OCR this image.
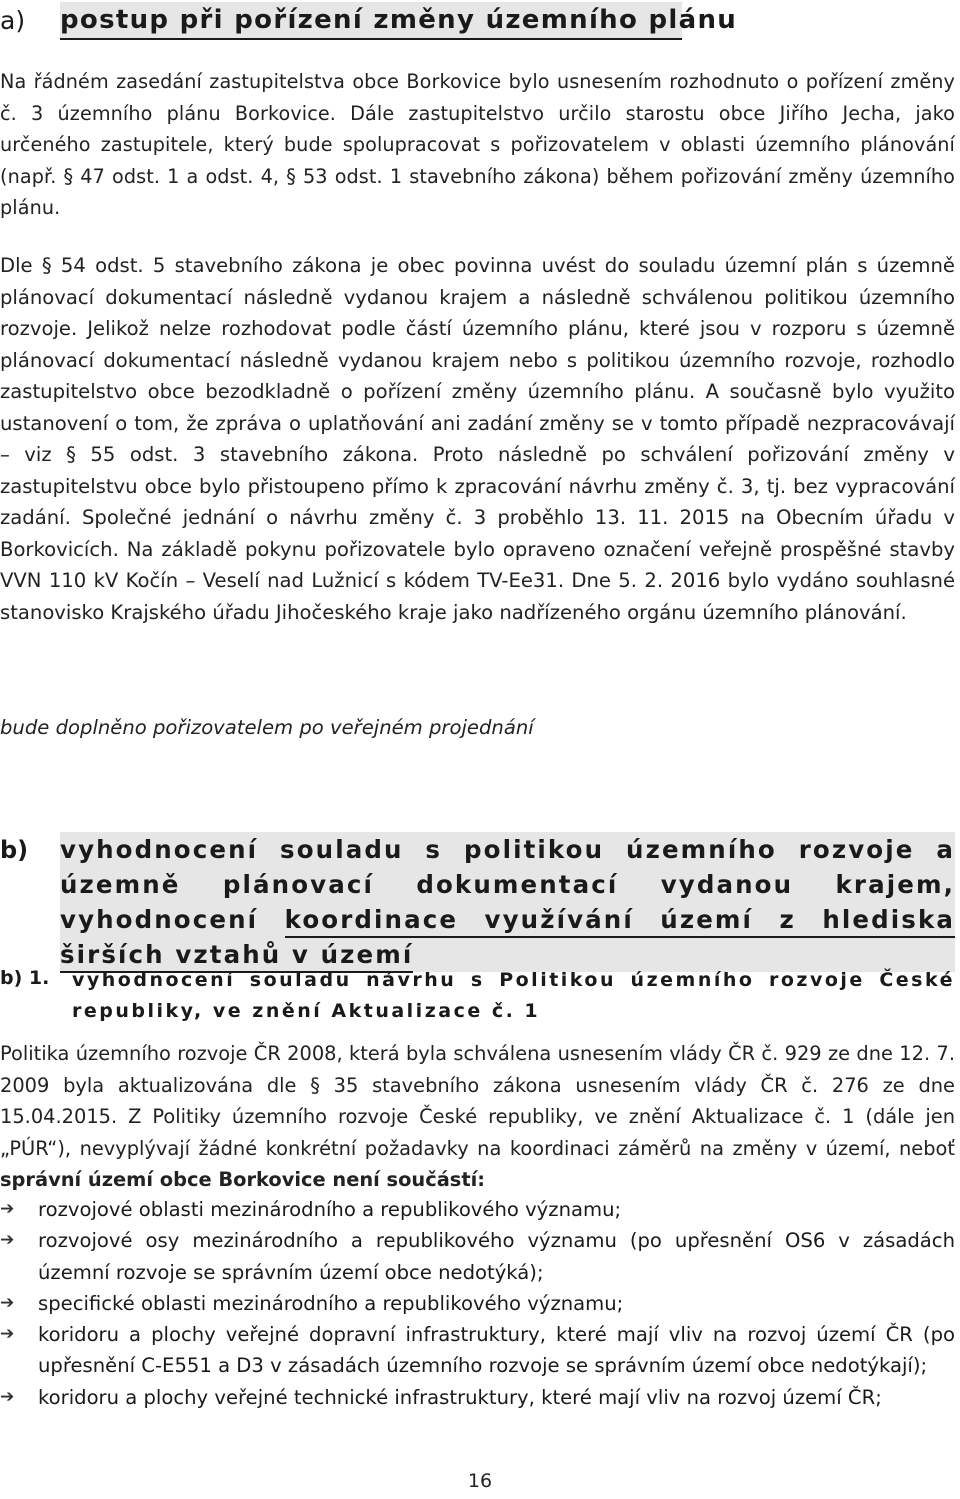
a) postup při pořízení změny územního plánu

Na řádném zasedání zastupitelstva obce Borkovice bylo usnesením rozhodnuto o pořízení změny č. 3 územního plánu Borkovice. Dále zastupitelstvo určilo starostu obce Jiřího Jecha, jako určeného zastupitele, který bude spolupracovat s pořizovatelem v oblasti územního plánování (např. § 47 odst. 1 a odst. 4, § 53 odst. 1 stavebního zákona) během pořizování změny územního plánu.

Dle § 54 odst. 5 stavebního zákona je obec povinna uvést do souladu územní plán s územně plánovací dokumentací následně vydanou krajem a následně schválenou politikou územního rozvoje. Jelikož nelze rozhodovat podle částí územního plánu, které jsou v rozporu s územně plánovací dokumentací následně vydanou krajem nebo s politikou územního rozvoje, rozhodlo zastupitelstvo obce bezodkladně o pořízení změny územního plánu. A současně bylo využito ustanovení o tom, že zpráva o uplatňování ani zadání změny se v tomto případě nezpracovávají – viz § 55 odst. 3 stavebního zákona. Proto následně po schválení pořizování změny v zastupitelstvu obce bylo přistoupeno přímo k zpracování návrhu změny č. 3, tj. bez vypracování zadání. Společné jednání o návrhu změny č. 3 proběhlo 13. 11. 2015 na Obecním úřadu v Borkovicích. Na základě pokynu pořizovatele bylo opraveno označení veřejně prospěšné stavby VVN 110 kV Kočín – Veselí nad Lužnicí s kódem TV-Ee31. Dne 5. 2. 2016 bylo vydáno souhlasné stanovisko Krajského úřadu Jihočeského kraje jako nadřízeného orgánu územního plánování.

bude doplněno pořizovatelem po veřejném projednání

b) vyhodnocení souladu s politikou územního rozvoje a územně plánovací dokumentací vydanou krajem, vyhodnocení koordinace využívání území z hlediska širších vztahů v území
b) 1. vyhodnocení souladu návrhu s Politikou územního rozvoje České republiky, ve znění Aktualizace č. 1

Politika územního rozvoje ČR 2008, která byla schválena usnesením vlády ČR č. 929 ze dne 12. 7. 2009 byla aktualizována dle § 35 stavebního zákona usnesením vlády ČR č. 276 ze dne 15.04.2015. Z Politiky územního rozvoje České republiky, ve znění Aktualizace č. 1 (dále jen „PÚR“), nevyplývají žádné konkrétní požadavky na koordinaci záměrů na změny v území, neboť správní území obce Borkovice není součástí:

➔ rozvojové oblasti mezinárodního a republikového významu;
➔ rozvojové osy mezinárodního a republikového významu (po upřesnění OS6 v zásadách územní rozvoje se správním území obce nedotýká);
➔ specifické oblasti mezinárodního a republikového významu;
➔ koridoru a plochy veřejné dopravní infrastruktury, které mají vliv na rozvoj území ČR (po upřesnění C-E551 a D3 v zásadách územního rozvoje se správním území obce nedotýkají);
➔ koridoru a plochy veřejné technické infrastruktury, které mají vliv na rozvoj území ČR;
16
